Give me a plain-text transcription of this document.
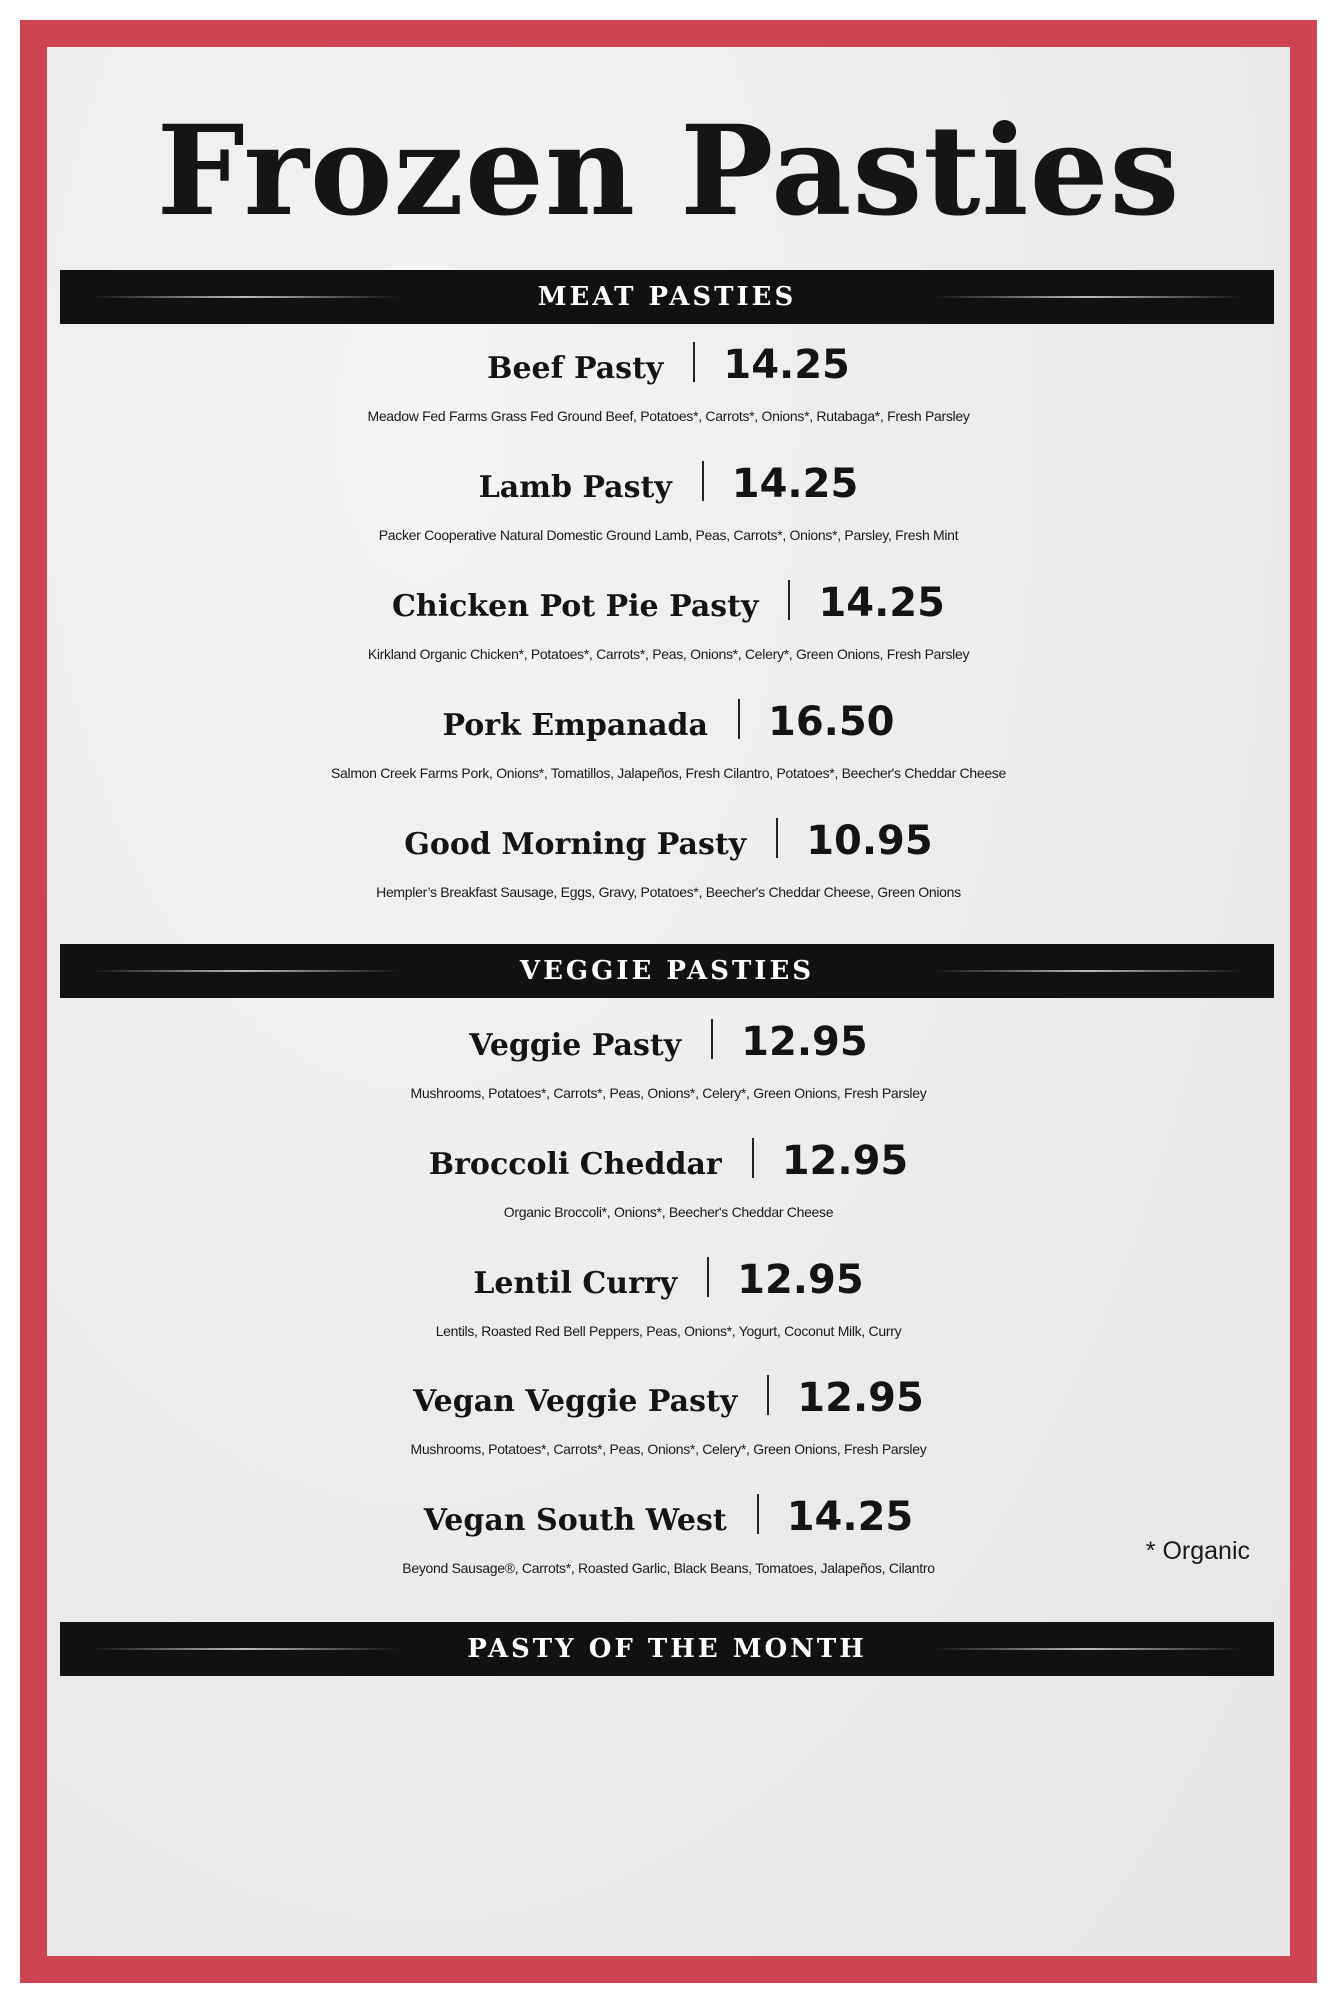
Frozen Pasties
MEAT PASTIES
Beef Pasty 14.25
Meadow Fed Farms Grass Fed Ground Beef, Potatoes*, Carrots*, Onions*, Rutabaga*, Fresh Parsley
Lamb Pasty 14.25
Packer Cooperative Natural Domestic Ground Lamb, Peas, Carrots*, Onions*, Parsley, Fresh Mint
Chicken Pot Pie Pasty 14.25
Kirkland Organic Chicken*, Potatoes*, Carrots*, Peas, Onions*, Celery*, Green Onions, Fresh Parsley
Pork Empanada 16.50
Salmon Creek Farms Pork, Onions*, Tomatillos, Jalapeños, Fresh Cilantro, Potatoes*, Beecher's Cheddar Cheese
Good Morning Pasty 10.95
Hempler’s Breakfast Sausage, Eggs, Gravy, Potatoes*, Beecher's Cheddar Cheese, Green Onions
VEGGIE PASTIES
Veggie Pasty 12.95
Mushrooms, Potatoes*, Carrots*, Peas, Onions*, Celery*, Green Onions, Fresh Parsley
Broccoli Cheddar 12.95
Organic Broccoli*, Onions*, Beecher's Cheddar Cheese
Lentil Curry 12.95
Lentils, Roasted Red Bell Peppers, Peas, Onions*, Yogurt, Coconut Milk, Curry
Vegan Veggie Pasty 12.95
Mushrooms, Potatoes*, Carrots*, Peas, Onions*, Celery*, Green Onions, Fresh Parsley
Vegan South West 14.25
Beyond Sausage®, Carrots*, Roasted Garlic, Black Beans, Tomatoes, Jalapeños, Cilantro
* Organic
PASTY OF THE MONTH
